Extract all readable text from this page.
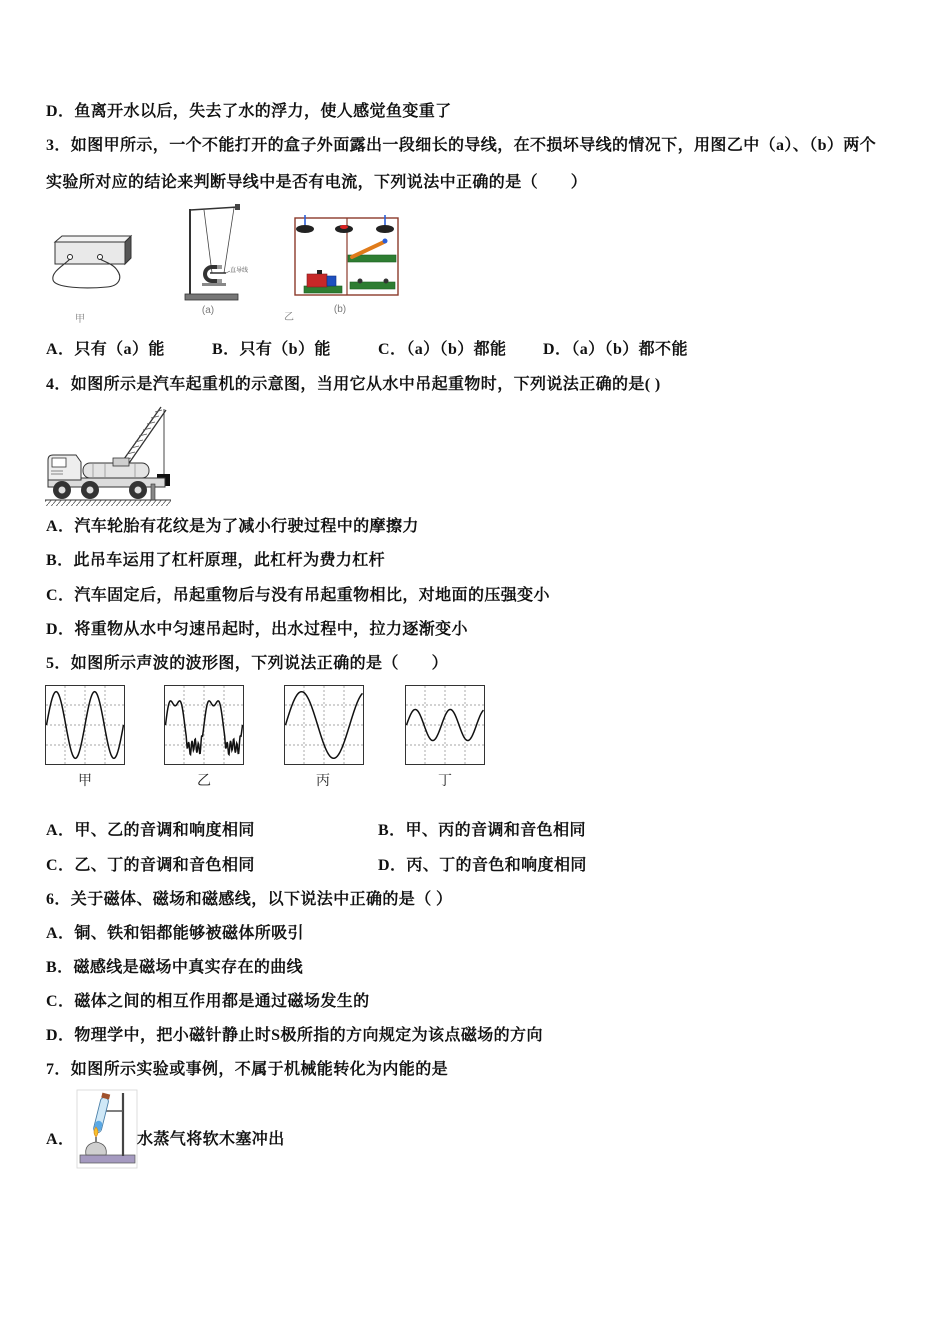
D．鱼离开水以后，失去了水的浮力，使人感觉鱼变重了
3．如图甲所示，一个不能打开的盒子外面露出一段细长的导线，在不损坏导线的情况下，用图乙中（a）、（b）两个
实验所对应的结论来判断导线中是否有电流，下列说法中正确的是（　　）
甲
直导线
(a)
乙
(b)
A．只有（a）能	B．只有（b）能	C．（a）（b）都能 D．（a）（b）都不能
4．如图所示是汽车起重机的示意图，当用它从水中吊起重物时，下列说法正确的是( )
A．汽车轮胎有花纹是为了减小行驶过程中的摩擦力
B．此吊车运用了杠杆原理，此杠杆为费力杠杆
C．汽车固定后，吊起重物后与没有吊起重物相比，对地面的压强变小
D．将重物从水中匀速吊起时，出水过程中，拉力逐渐变小
5．如图所示声波的波形图，下列说法正确的是（　　）
甲	乙	丙	丁
A．甲、乙的音调和响度相同	B．甲、丙的音调和音色相同
C．乙、丁的音调和音色相同	D．丙、丁的音色和响度相同
6．关于磁体、磁场和磁感线，以下说法中正确的是（ ）
A．铜、铁和铝都能够被磁体所吸引
B．磁感线是磁场中真实存在的曲线
C．磁体之间的相互作用都是通过磁场发生的
D．物理学中，把小磁针静止时S极所指的方向规定为该点磁场的方向
7．如图所示实验或事例，不属于机械能转化为内能的是
A．	水蒸气将软木塞冲出
